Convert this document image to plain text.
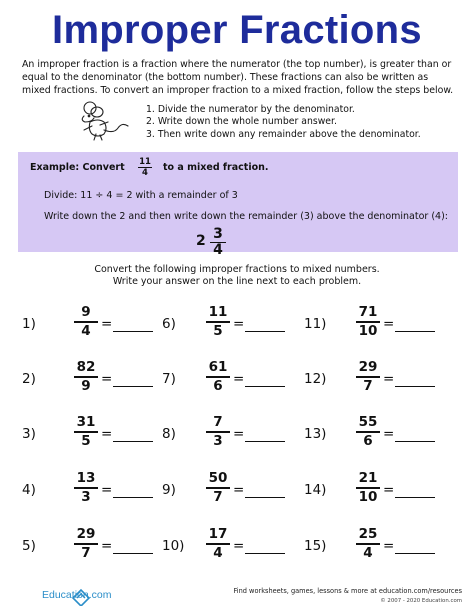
Improper Fractions

An improper fraction is a fraction where the numerator (the top number), is greater than or equal to the denominator (the bottom number). These fractions can also be written as mixed fractions. To convert an improper fraction to a mixed fraction, follow the steps below.

1. Divide the numerator by the denominator.
2. Write down the whole number answer.
3. Then write down any remainder above the denominator.
Example: Convert $\frac{11}{4}$ to a mixed fraction.
Divide: 11 ÷ 4 = 2 with a remainder of 3
Write down the 2 and then write down the remainder (3) above the denominator (4):
$2 \frac{3}{4}$
Convert the following improper fractions to mixed numbers.
Write your answer on the line next to each problem.
1)	$\frac{9}{4}$ =
2)	$\frac{82}{9}$ =
3)	$\frac{31}{5}$ =
4)	$\frac{13}{3}$ =
5)	$\frac{29}{7}$ =
$6) \frac{11}{5}$ =
$7) \frac{61}{6}$ =
$8) \frac{7}{3}$ =
$9) \frac{50}{7}$ =
$10) \frac{17}{4}$ =
$11) \frac{71}{10}$ =
$12) \frac{29}{7}$ =
$13) \frac{55}{6}$ =
$14) \frac{21}{10}$ =
$15) \frac{25}{4}$ =
Education.com	Find worksheets, games, lessons & more at education.com/resources
© 2007 - 2020 Education.com
